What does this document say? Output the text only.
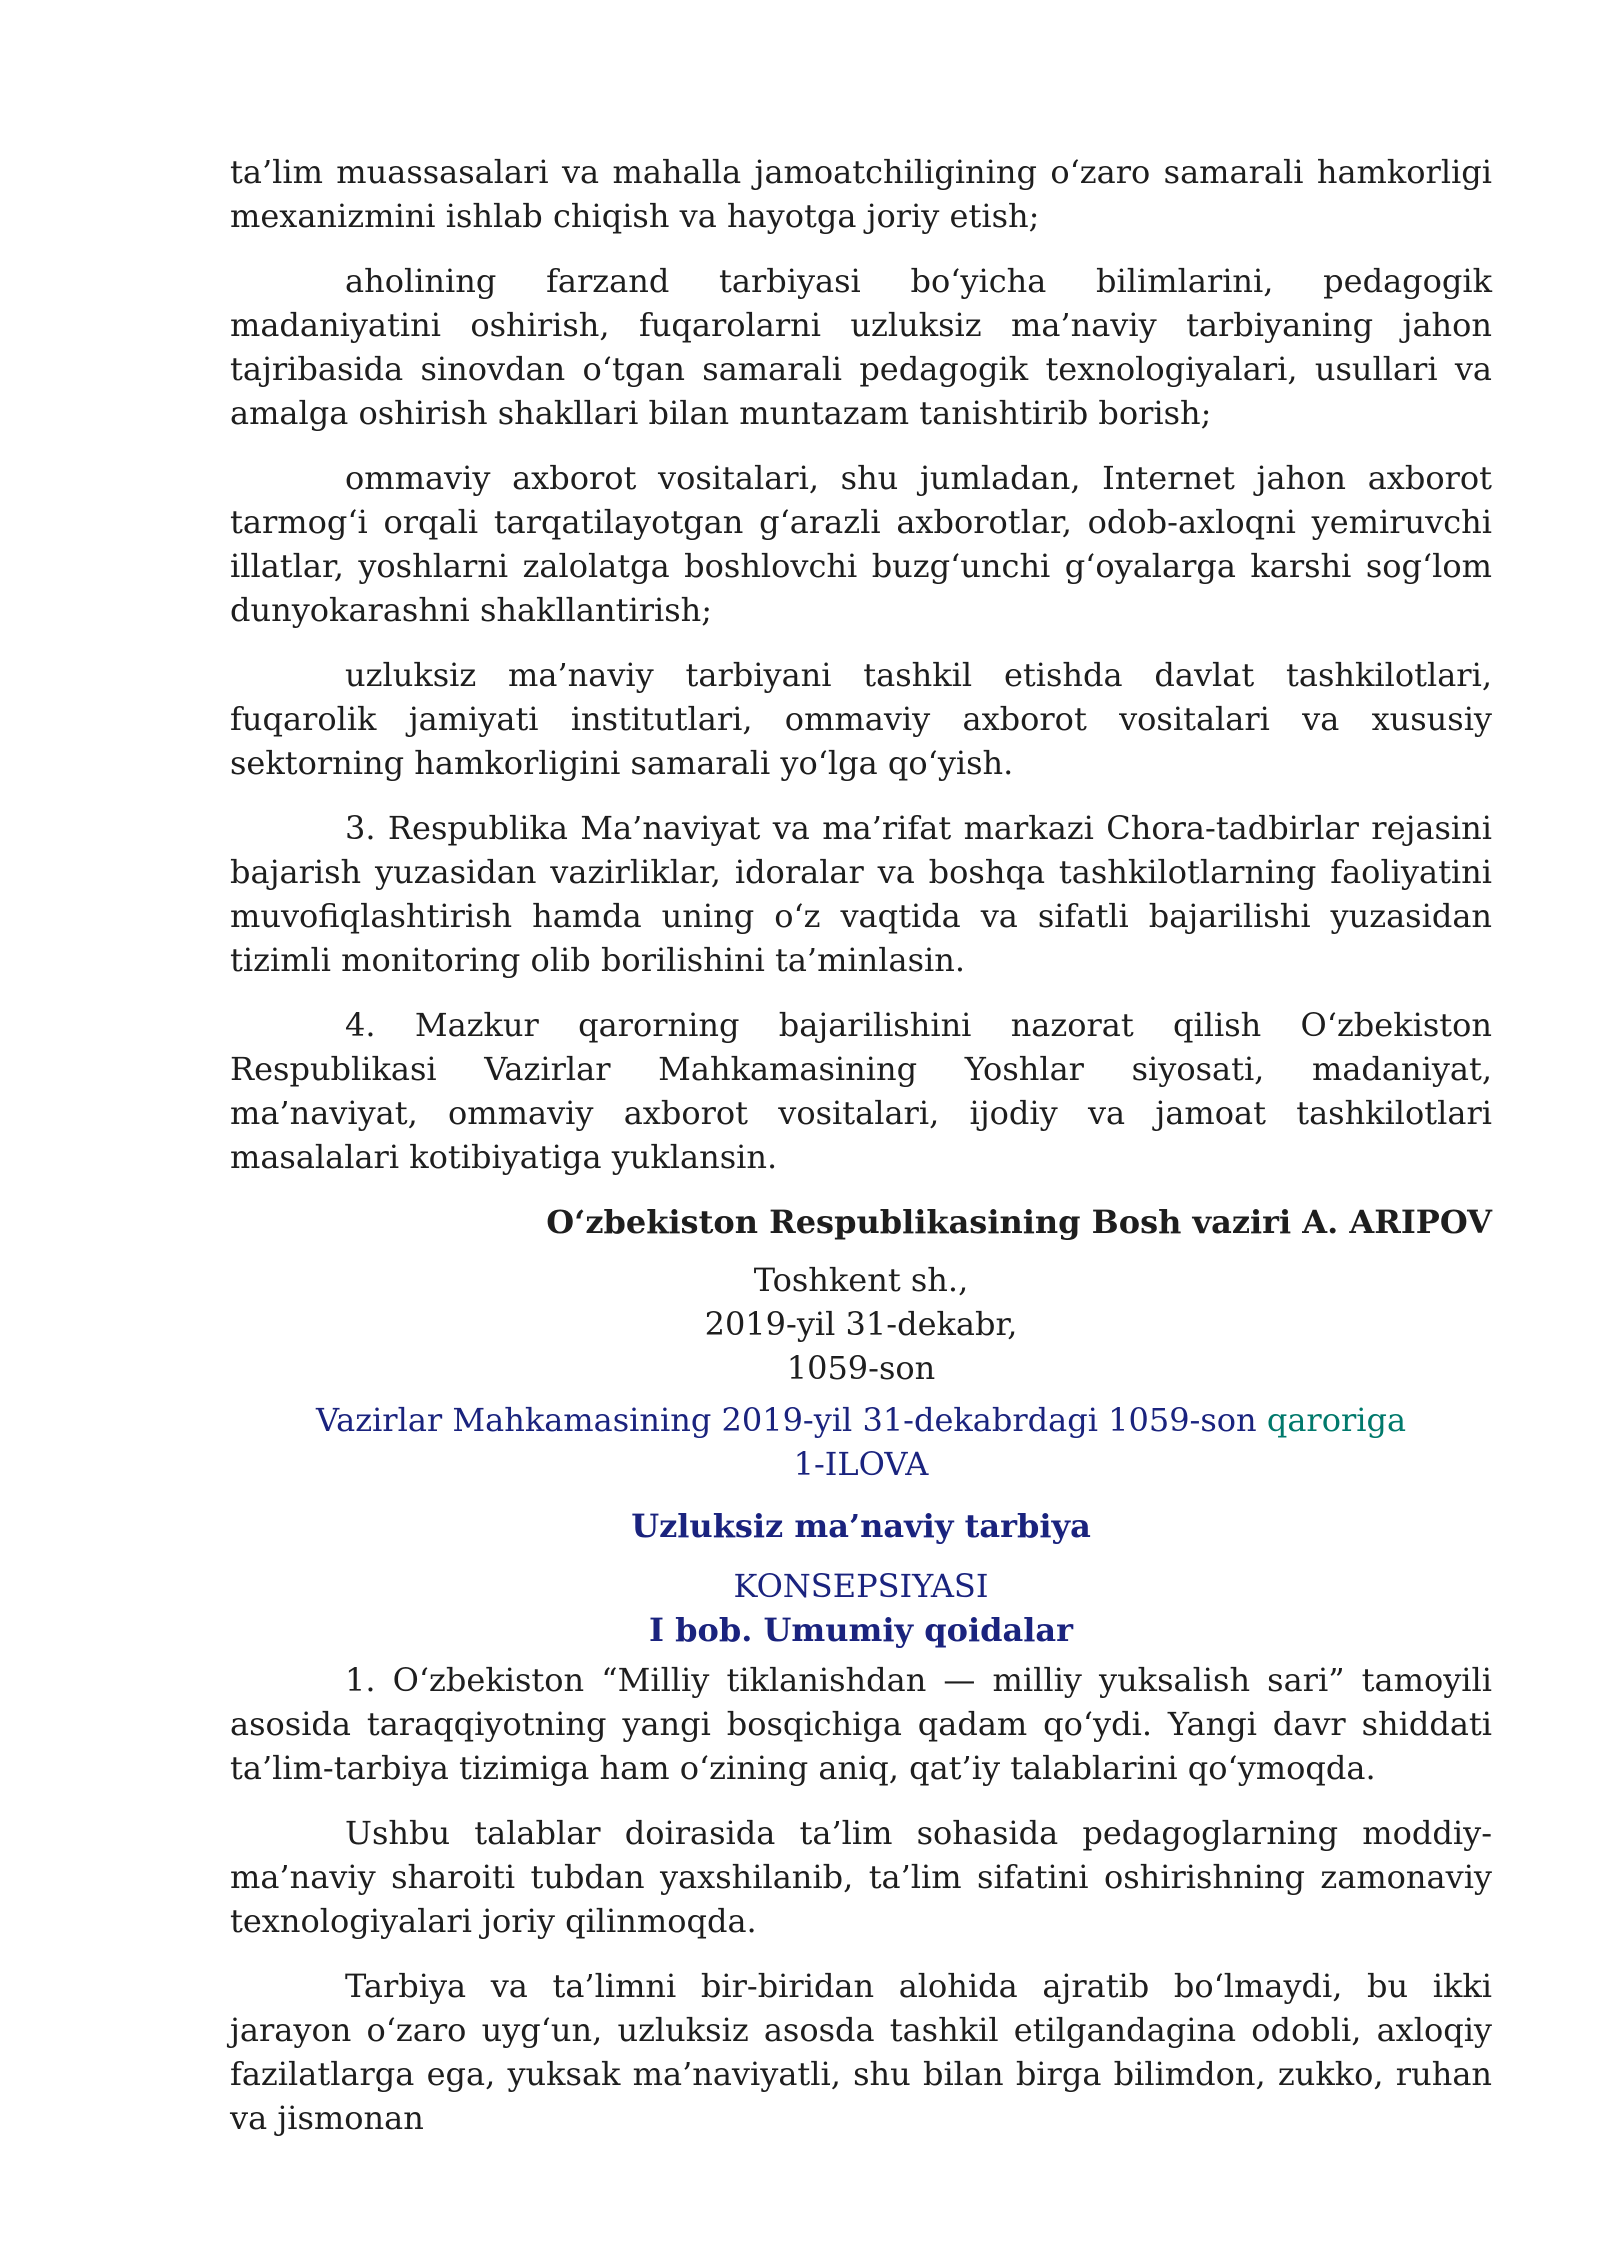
ta’lim muassasalari va mahalla jamoatchiligining o‘zaro samarali hamkorligi mexanizmini ishlab chiqish va hayotga joriy etish;

aholining farzand tarbiyasi bo‘yicha bilimlarini, pedagogik madaniyatini oshirish, fuqarolarni uzluksiz ma’naviy tarbiyaning jahon tajribasida sinovdan o‘tgan samarali pedagogik texnologiyalari, usullari va amalga oshirish shakllari bilan muntazam tanishtirib borish;

ommaviy axborot vositalari, shu jumladan, Internet jahon axborot tarmog‘i orqali tarqatilayotgan g‘arazli axborotlar, odob-axloqni yemiruvchi illatlar, yoshlarni zalolatga boshlovchi buzg‘unchi g‘oyalarga karshi sog‘lom dunyokarashni shakllantirish;

uzluksiz ma’naviy tarbiyani tashkil etishda davlat tashkilotlari, fuqarolik jamiyati institutlari, ommaviy axborot vositalari va xususiy sektorning hamkorligini samarali yo‘lga qo‘yish.

3. Respublika Ma’naviyat va ma’rifat markazi Chora-tadbirlar rejasini bajarish yuzasidan vazirliklar, idoralar va boshqa tashkilotlarning faoliyatini muvofiqlashtirish hamda uning o‘z vaqtida va sifatli bajarilishi yuzasidan tizimli monitoring olib borilishini ta’minlasin.

4. Mazkur qarorning bajarilishini nazorat qilish O‘zbekiston Respublikasi Vazirlar Mahkamasining Yoshlar siyosati, madaniyat, ma’naviyat, ommaviy axborot vositalari, ijodiy va jamoat tashkilotlari masalalari kotibiyatiga yuklansin.

O‘zbekiston Respublikasining Bosh vaziri A. ARIPOV

Toshkent sh.,
2019-yil 31-dekabr,
1059-son
Vazirlar Mahkamasining 2019-yil 31-dekabrdagi 1059-son qaroriga
1-ILOVA

Uzluksiz ma’naviy tarbiya

KONSEPSIYASI

I bob. Umumiy qoidalar

1. O‘zbekiston “Milliy tiklanishdan — milliy yuksalish sari” tamoyili asosida taraqqiyotning yangi bosqichiga qadam qo‘ydi. Yangi davr shiddati ta’lim-tarbiya tizimiga ham o‘zining aniq, qat’iy talablarini qo‘ymoqda.

Ushbu talablar doirasida ta’lim sohasida pedagoglarning moddiy-ma’naviy sharoiti tubdan yaxshilanib, ta’lim sifatini oshirishning zamonaviy texnologiyalari joriy qilinmoqda.

Tarbiya va ta’limni bir-biridan alohida ajratib bo‘lmaydi, bu ikki jarayon o‘zaro uyg‘un, uzluksiz asosda tashkil etilgandagina odobli, axloqiy fazilatlarga ega, yuksak ma’naviyatli, shu bilan birga bilimdon, zukko, ruhan va jismonan
